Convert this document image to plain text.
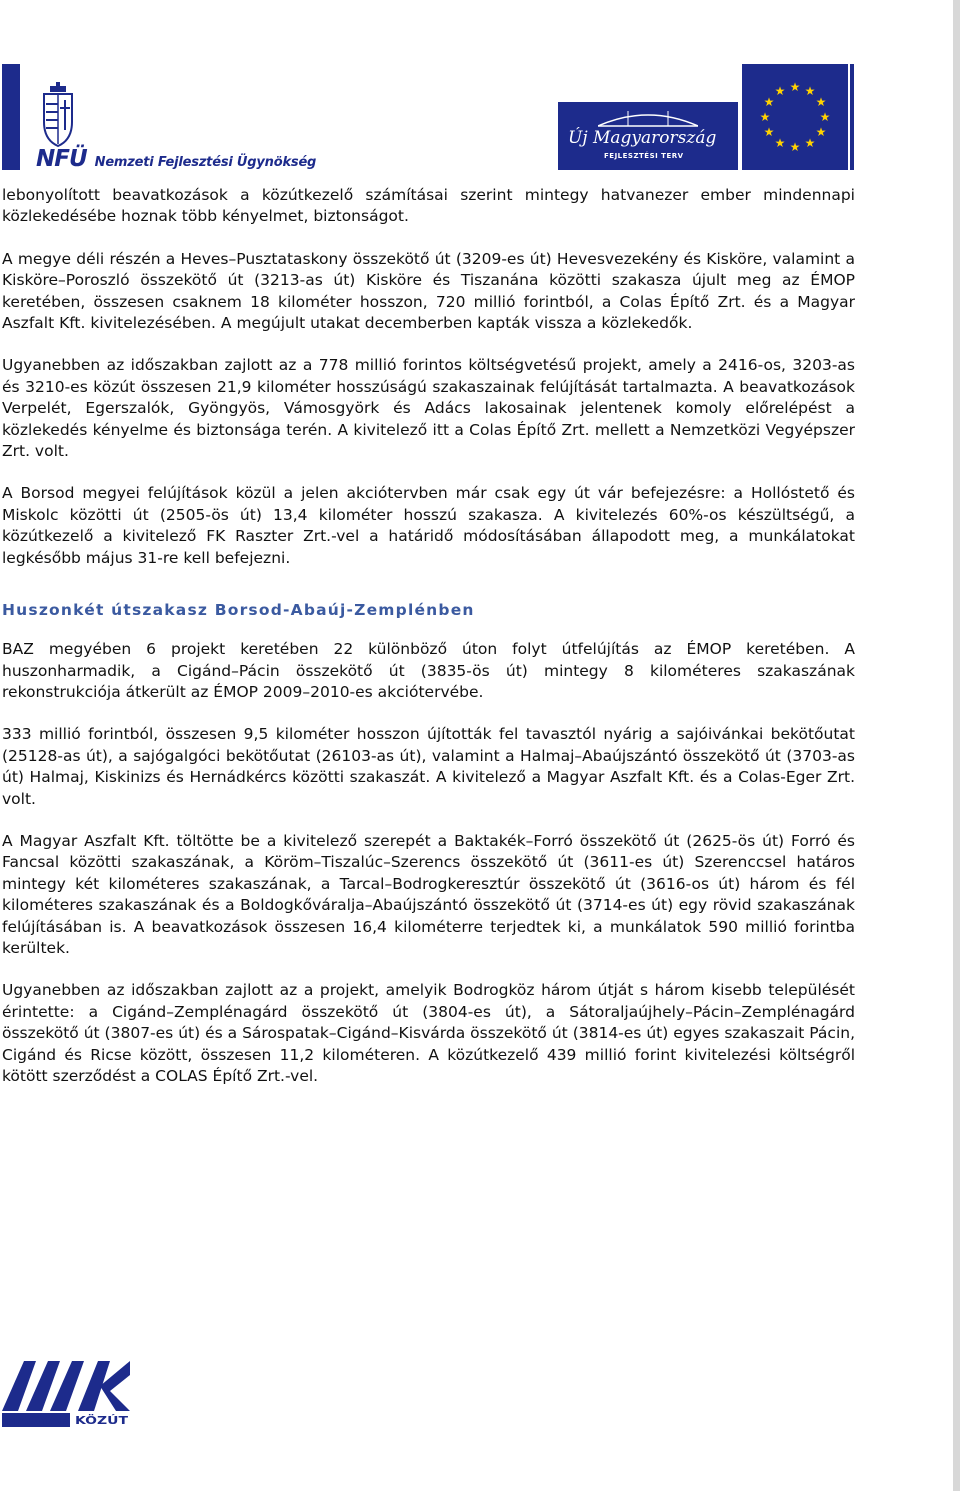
NFÜ Nemzeti Fejlesztési Ügynökség
Új Magyarország
FEJLESZTÉSI TERV
★ ★
★
★
★
★
★
★
★
★
★
★

lebonyolított beavatkozások a közútkezelő számításai szerint mintegy hatvanezer ember mindennapi közlekedésébe hoznak több kényelmet, biztonságot.

A megye déli részén a Heves–Pusztataskony összekötő út (3209-es út) Hevesvezekény és Kisköre, valamint a Kisköre–Poroszló összekötő út (3213-as út) Kisköre és Tiszanána közötti szakasza újult meg az ÉMOP keretében, összesen csaknem 18 kilométer hosszon, 720 millió forintból, a Colas Építő Zrt. és a Magyar Aszfalt Kft. kivitelezésében. A megújult utakat decemberben kapták vissza a közlekedők.

Ugyanebben az időszakban zajlott az a 778 millió forintos költségvetésű projekt, amely a 2416-os, 3203-as és 3210-es közút összesen 21,9 kilométer hosszúságú szakaszainak felújítását tartalmazta. A beavatkozások Verpelét, Egerszalók, Gyöngyös, Vámosgyörk és Adács lakosainak jelentenek komoly előrelépést a közlekedés kényelme és biztonsága terén. A kivitelező itt a Colas Építő Zrt. mellett a Nemzetközi Vegyépszer Zrt. volt.

A Borsod megyei felújítások közül a jelen akciótervben már csak egy út vár befejezésre: a Hollóstető és Miskolc közötti út (2505-ös út) 13,4 kilométer hosszú szakasza. A kivitelezés 60%-os készültségű, a közútkezelő a kivitelező FK Raszter Zrt.-vel a határidő módosításában állapodott meg, a munkálatokat legkésőbb május 31-re kell befejezni.

Huszonkét útszakasz Borsod-Abaúj-Zemplénben

BAZ megyében 6 projekt keretében 22 különböző úton folyt útfelújítás az ÉMOP keretében. A huszonharmadik, a Cigánd–Pácin összekötő út (3835-ös út) mintegy 8 kilométeres szakaszának rekonstrukciója átkerült az ÉMOP 2009–2010-es akciótervébe.

333 millió forintból, összesen 9,5 kilométer hosszon újították fel tavasztól nyárig a sajóivánkai bekötőutat (25128-as út), a sajógalgóci bekötőutat (26103-as út), valamint a Halmaj–Abaújszántó összekötő út (3703-as út) Halmaj, Kiskinizs és Hernádkércs közötti szakaszát. A kivitelező a Magyar Aszfalt Kft. és a Colas-Eger Zrt. volt.

A Magyar Aszfalt Kft. töltötte be a kivitelező szerepét a Baktakék–Forró összekötő út (2625-ös út) Forró és Fancsal közötti szakaszának, a Köröm–Tiszalúc–Szerencs összekötő út (3611-es út) Szerenccsel határos mintegy két kilométeres szakaszának, a Tarcal–Bodrogkeresztúr összekötő út (3616-os út) három és fél kilométeres szakaszának és a Boldogkőváralja–Abaújszántó összekötő út (3714-es út) egy rövid szakaszának felújításában is. A beavatkozások összesen 16,4 kilométerre terjedtek ki, a munkálatok 590 millió forintba kerültek.

Ugyanebben az időszakban zajlott az a projekt, amelyik Bodrogköz három útját s három kisebb települését érintette: a Cigánd–Zemplénagárd összekötő út (3804-es út), a Sátoraljaújhely–Pácin–Zemplénagárd összekötő út (3807-es út) és a Sárospatak–Cigánd–Kisvárda összekötő út (3814-es út) egyes szakaszait Pácin, Cigánd és Ricse között, összesen 11,2 kilométeren. A közútkezelő 439 millió forint kivitelezési költségről kötött szerződést a COLAS Építő Zrt.-vel.

MAGYAR KÖZÚT
